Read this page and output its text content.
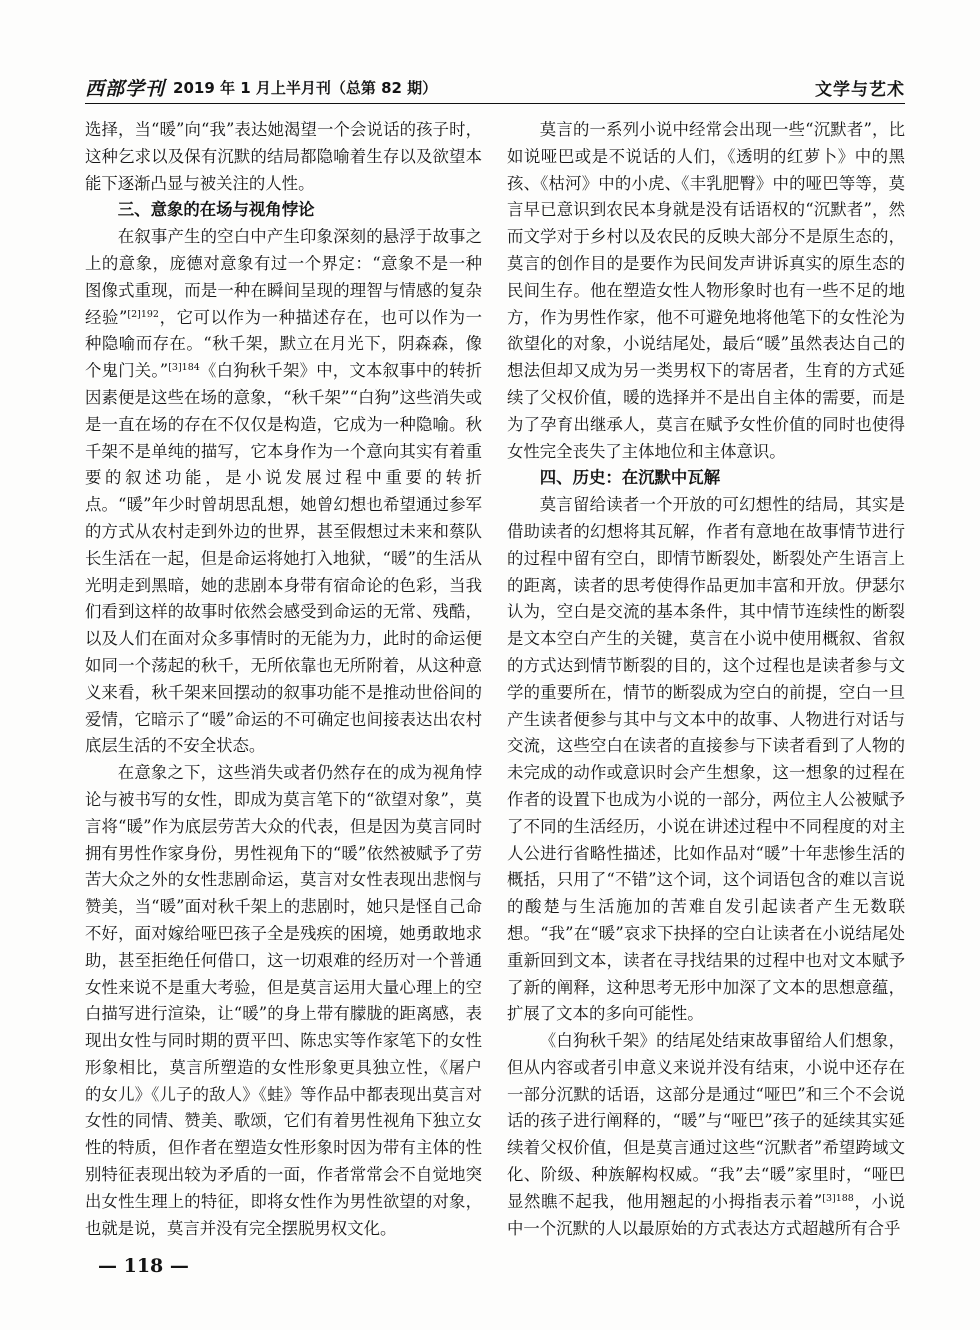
西部学刊 2019 年 1 月上半月刊（总第 82 期）	文学与艺术

选择，当“暖”向“我”表达她渴望一个会说话的孩子时，这种乞求以及保有沉默的结局都隐喻着生存以及欲望本能下逐渐凸显与被关注的人性。

三、意象的在场与视角悖论

在叙事产生的空白中产生印象深刻的悬浮于故事之上的意象，庞德对意象有过一个界定：“意象不是一种图像式重现，而是一种在瞬间呈现的理智与情感的复杂经验”$^{[2]192}$，它可以作为一种描述存在，也可以作为一种隐喻而存在。“秋千架，默立在月光下，阴森森，像个鬼门关。”$^{[3]184}$《白狗秋千架》中，文本叙事中的转折因素便是这些在场的意象，“秋千架”“白狗”这些消失或是一直在场的存在不仅仅是构造，它成为一种隐喻。秋千架不是单纯的描写，它本身作为一个意向其实有着重要的叙述功能，是小说发展过程中重要的转折点。“暖”年少时曾胡思乱想，她曾幻想也希望通过参军的方式从农村走到外边的世界，甚至假想过未来和蔡队长生活在一起，但是命运将她打入地狱，“暖”的生活从光明走到黑暗，她的悲剧本身带有宿命论的色彩，当我们看到这样的故事时依然会感受到命运的无常、残酷，以及人们在面对众多事情时的无能为力，此时的命运便如同一个荡起的秋千，无所依靠也无所附着，从这种意义来看，秋千架来回摆动的叙事功能不是推动世俗间的爱情，它暗示了“暖”命运的不可确定也间接表达出农村底层生活的不安全状态。

在意象之下，这些消失或者仍然存在的成为视角悖论与被书写的女性，即成为莫言笔下的“欲望对象”，莫言将“暖”作为底层劳苦大众的代表，但是因为莫言同时拥有男性作家身份，男性视角下的“暖”依然被赋予了劳苦大众之外的女性悲剧命运，莫言对女性表现出悲悯与赞美，当“暖”面对秋千架上的悲剧时，她只是怪自己命不好，面对嫁给哑巴孩子全是残疾的困境，她勇敢地求助，甚至拒绝任何借口，这一切艰难的经历对一个普通女性来说不是重大考验，但是莫言运用大量心理上的空白描写进行渲染，让“暖”的身上带有朦胧的距离感，表现出女性与同时期的贾平凹、陈忠实等作家笔下的女性形象相比，莫言所塑造的女性形象更具独立性，《屠户的女儿》《儿子的敌人》《蛙》等作品中都表现出莫言对女性的同情、赞美、歌颂，它们有着男性视角下独立女性的特质，但作者在塑造女性形象时因为带有主体的性别特征表现出较为矛盾的一面，作者常常会不自觉地突出女性生理上的特征，即将女性作为男性欲望的对象，也就是说，莫言并没有完全摆脱男权文化。

莫言的一系列小说中经常会出现一些“沉默者”，比如说哑巴或是不说话的人们，《透明的红萝卜》中的黑孩、《枯河》中的小虎、《丰乳肥臀》中的哑巴等等，莫言早已意识到农民本身就是没有话语权的“沉默者”，然而文学对于乡村以及农民的反映大部分不是原生态的，莫言的创作目的是要作为民间发声讲诉真实的原生态的民间生存。他在塑造女性人物形象时也有一些不足的地方，作为男性作家，他不可避免地将他笔下的女性沦为欲望化的对象，小说结尾处，最后“暖”虽然表达自己的想法但却又成为另一类男权下的寄居者，生育的方式延续了父权价值，暖的选择并不是出自主体的需要，而是为了孕育出继承人，莫言在赋予女性价值的同时也使得女性完全丧失了主体地位和主体意识。

四、历史：在沉默中瓦解

莫言留给读者一个开放的可幻想性的结局，其实是借助读者的幻想将其瓦解，作者有意地在故事情节进行的过程中留有空白，即情节断裂处，断裂处产生语言上的距离，读者的思考使得作品更加丰富和开放。伊瑟尔认为，空白是交流的基本条件，其中情节连续性的断裂是文本空白产生的关键，莫言在小说中使用概叙、省叙的方式达到情节断裂的目的，这个过程也是读者参与文学的重要所在，情节的断裂成为空白的前提，空白一旦产生读者便参与其中与文本中的故事、人物进行对话与交流，这些空白在读者的直接参与下读者看到了人物的未完成的动作或意识时会产生想象，这一想象的过程在作者的设置下也成为小说的一部分，两位主人公被赋予了不同的生活经历，小说在讲述过程中不同程度的对主人公进行省略性描述，比如作品对“暖”十年悲惨生活的概括，只用了“不错”这个词，这个词语包含的难以言说的酸楚与生活施加的苦难自发引起读者产生无数联想。“我”在“暖”哀求下抉择的空白让读者在小说结尾处重新回到文本，读者在寻找结果的过程中也对文本赋予了新的阐释，这种思考无形中加深了文本的思想意蕴，扩展了文本的多向可能性。

《白狗秋千架》的结尾处结束故事留给人们想象，但从内容或者引申意义来说并没有结束，小说中还存在一部分沉默的话语，这部分是通过“哑巴”和三个不会说话的孩子进行阐释的，“暖”与“哑巴”孩子的延续其实延续着父权价值，但是莫言通过这些“沉默者”希望跨域文化、阶级、种族解构权威。“我”去“暖”家里时，“哑巴显然瞧不起我，他用翘起的小拇指表示着”$^{[3]188}$，小说中一个沉默的人以最原始的方式表达方式超越所有合乎

— 118 —
